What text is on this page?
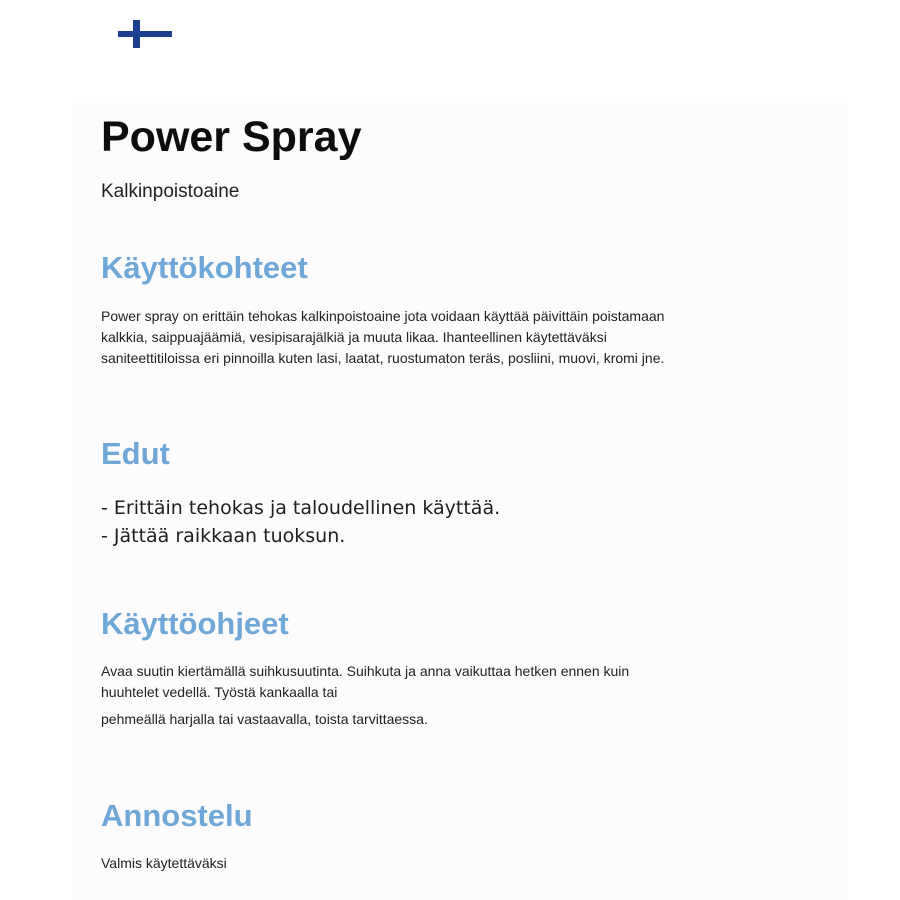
Power Spray

Kalkinpoistoaine

Käyttökohteet

Power spray on erittäin tehokas kalkinpoistoaine jota voidaan käyttää päivittäin poistamaan
kalkkia, saippuajäämiä, vesipisarajälkiä ja muuta likaa. Ihanteellinen käytettäväksi
saniteettitiloissa eri pinnoilla kuten lasi, laatat, ruostumaton teräs, posliini, muovi, kromi jne.

Edut
- Erittäin tehokas ja taloudellinen käyttää.
- Jättää raikkaan tuoksun.
Käyttöohjeet

Avaa suutin kiertämällä suihkusuutinta. Suihkuta ja anna vaikuttaa hetken ennen kuin
huuhtelet vedellä. Työstä kankaalla tai
pehmeällä harjalla tai vastaavalla, toista tarvittaessa.

Annostelu

Valmis käytettäväksi
